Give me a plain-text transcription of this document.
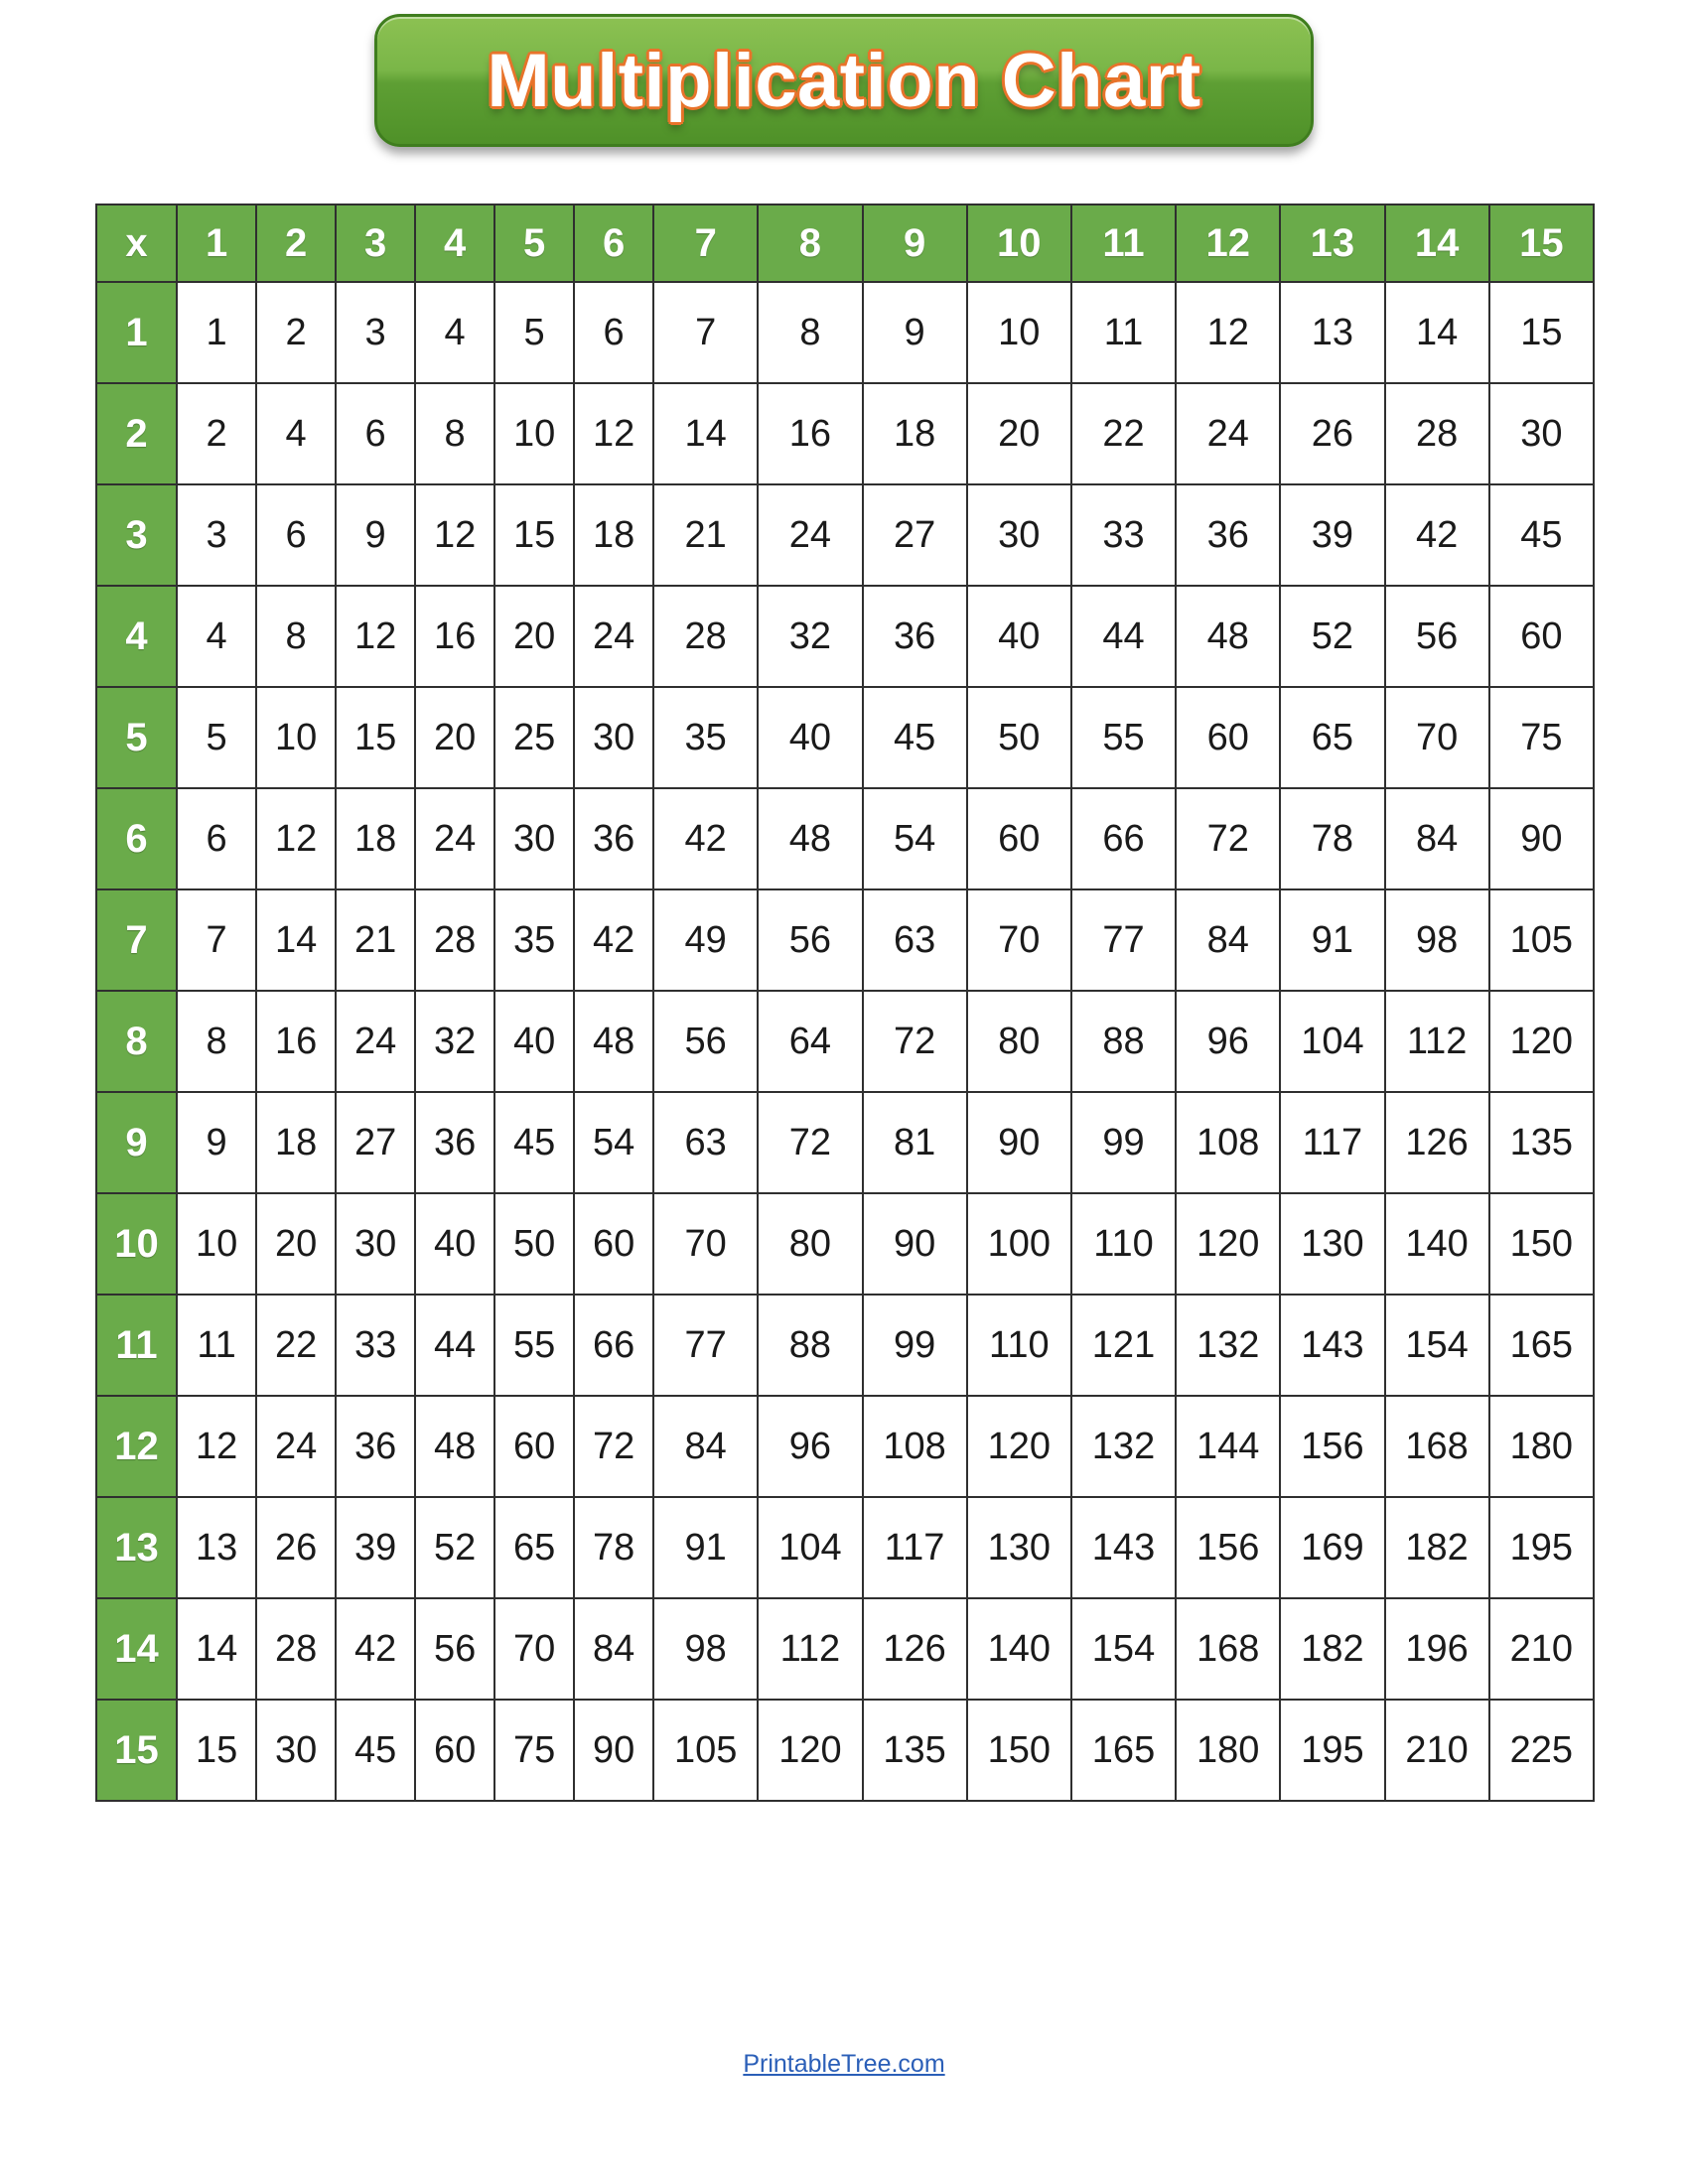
Multiplication Chart
x	1	2	3	4	5	6	7	8	9	10	11	12	13	14	15
1	1	2	3	4	5	6	7	8	9	10	11	12	13	14	15
2	2	4	6	8	10	12	14	16	18	20	22	24	26	28	30
3	3	6	9	12	15	18	21	24	27	30	33	36	39	42	45
4	4	8	12	16	20	24	28	32	36	40	44	48	52	56	60
5	5	10	15	20	25	30	35	40	45	50	55	60	65	70	75
6	6	12	18	24	30	36	42	48	54	60	66	72	78	84	90
7	7	14	21	28	35	42	49	56	63	70	77	84	91	98	105
8	8	16	24	32	40	48	56	64	72	80	88	96	104	112	120
9	9	18	27	36	45	54	63	72	81	90	99	108	117	126	135
10	10	20	30	40	50	60	70	80	90	100	110	120	130	140	150
11	11	22	33	44	55	66	77	88	99	110	121	132	143	154	165
12	12	24	36	48	60	72	84	96	108	120	132	144	156	168	180
13	13	26	39	52	65	78	91	104	117	130	143	156	169	182	195
14	14	28	42	56	70	84	98	112	126	140	154	168	182	196	210
15	15	30	45	60	75	90	105	120	135	150	165	180	195	210	225
PrintableTree.com
